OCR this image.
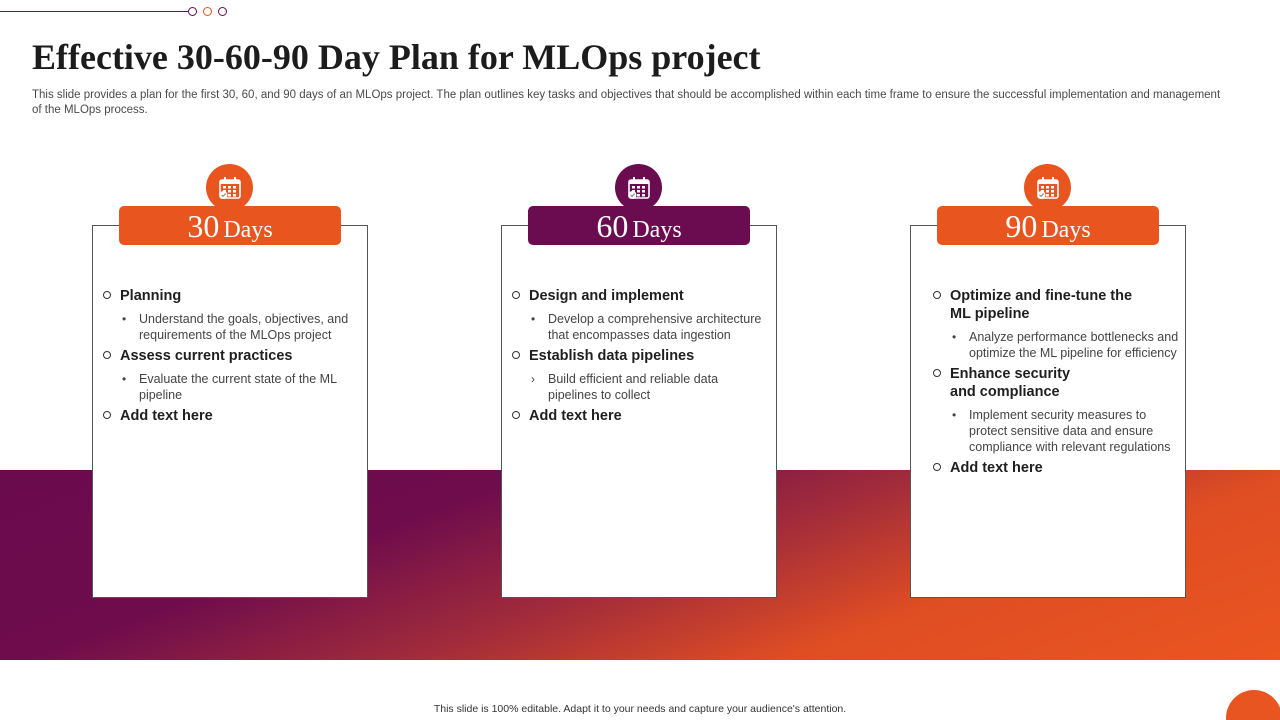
Effective 30-60-90 Day Plan for MLOps project

This slide provides a plan for the first 30, 60, and 90 days of an MLOps project. The plan outlines key tasks and objectives that should be accomplished within each time frame to ensure the successful implementation and management of the MLOps process.

Planning
• Understand the goals, objectives, and requirements of the MLOps project
Assess current practices
• Evaluate the current state of the ML pipeline
Add text here
30 Days
Design and implement
• Develop a comprehensive architecture that encompasses data ingestion
Establish data pipelines
› Build efficient and reliable data pipelines to collect
Add text here
60 Days
Optimize and fine-tune the ML pipeline
• Analyze performance bottlenecks and optimize the ML pipeline for efficiency
Enhance security and compliance
• Implement security measures to protect sensitive data and ensure compliance with relevant regulations
Add text here
90 Days
This slide is 100% editable. Adapt it to your needs and capture your audience's attention.
